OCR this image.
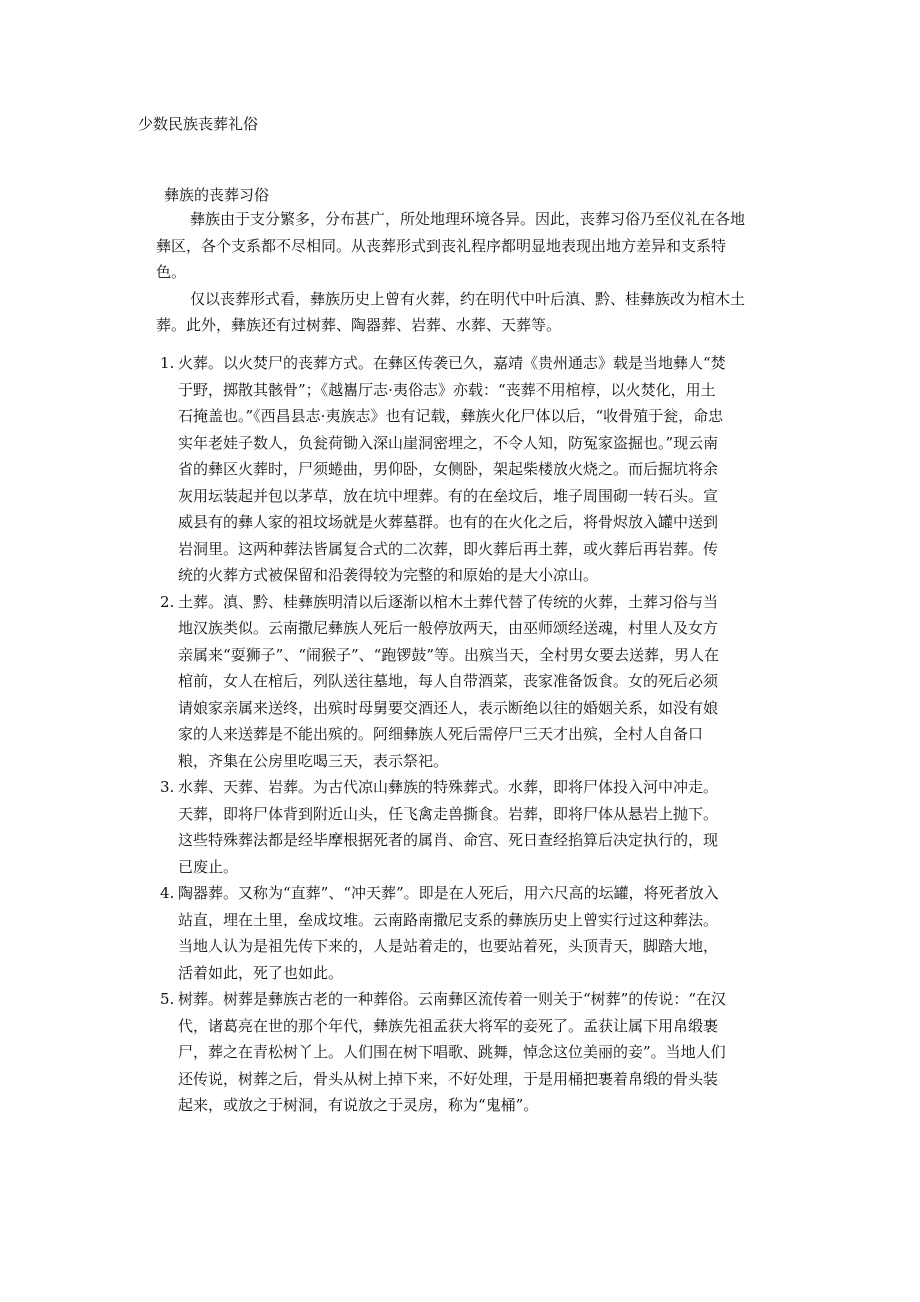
少数民族丧葬礼俗
彝族的丧葬习俗

彝族由于支分繁多，分布甚广，所处地理环境各异。因此，丧葬习俗乃至仪礼在各地彝区，各个支系都不尽相同。从丧葬形式到丧礼程序都明显地表现出地方差异和支系特色。

仅以丧葬形式看，彝族历史上曾有火葬，约在明代中叶后滇、黔、桂彝族改为棺木土葬。此外，彝族还有过树葬、陶器葬、岩葬、水葬、天葬等。

1. 火葬。以火焚尸的丧葬方式。在彝区传袭已久，嘉靖《贵州通志》载是当地彝人“焚于野，掷散其骸骨”；《越巂厅志·夷俗志》亦载：“丧葬不用棺椁，以火焚化，用土石掩盖也。”《西昌县志·夷族志》也有记载，彝族火化尸体以后，“收骨殖于瓮，命忠实年老娃子数人，负瓮荷锄入深山崖洞密埋之，不令人知，防冤家盗掘也。”现云南省的彝区火葬时，尸须蜷曲，男仰卧，女侧卧，架起柴楼放火烧之。而后掘坑将余灰用坛装起并包以茅草，放在坑中埋葬。有的在垒坟后，堆子周围砌一转石头。宣威县有的彝人家的祖坟场就是火葬墓群。也有的在火化之后，将骨烬放入罐中送到岩洞里。这两种葬法皆属复合式的二次葬，即火葬后再土葬，或火葬后再岩葬。传统的火葬方式被保留和沿袭得较为完整的和原始的是大小凉山。
2. 土葬。滇、黔、桂彝族明清以后逐渐以棺木土葬代替了传统的火葬，土葬习俗与当地汉族类似。云南撒尼彝族人死后一般停放两天，由巫师颂经送魂，村里人及女方亲属来“耍狮子”、“闹猴子”、“跑锣鼓”等。出殡当天，全村男女要去送葬，男人在棺前，女人在棺后，列队送往墓地，每人自带酒菜，丧家准备饭食。女的死后必须请娘家亲属来送终，出殡时母舅要交酒还人，表示断绝以往的婚姻关系，如没有娘家的人来送葬是不能出殡的。阿细彝族人死后需停尸三天才出殡，全村人自备口粮，齐集在公房里吃喝三天，表示祭祀。
3. 水葬、天葬、岩葬。为古代凉山彝族的特殊葬式。水葬，即将尸体投入河中冲走。天葬，即将尸体背到附近山头，任飞禽走兽撕食。岩葬，即将尸体从悬岩上抛下。这些特殊葬法都是经毕摩根据死者的属肖、命宫、死日查经掐算后决定执行的，现已废止。
4. 陶器葬。又称为“直葬”、“冲天葬”。即是在人死后，用六尺高的坛罐，将死者放入站直，埋在土里，垒成坟堆。云南路南撒尼支系的彝族历史上曾实行过这种葬法。当地人认为是祖先传下来的，人是站着走的，也要站着死，头顶青天，脚踏大地，活着如此，死了也如此。
5. 树葬。树葬是彝族古老的一种葬俗。云南彝区流传着一则关于“树葬”的传说：“在汉代，诸葛亮在世的那个年代，彝族先祖孟获大将军的妾死了。孟获让属下用帛缎裹尸，葬之在青松树丫上。人们围在树下唱歌、跳舞，悼念这位美丽的妾”。当地人们还传说，树葬之后，骨头从树上掉下来，不好处理，于是用桶把裹着帛缎的骨头装起来，或放之于树洞，有说放之于灵房，称为“鬼桶”。
